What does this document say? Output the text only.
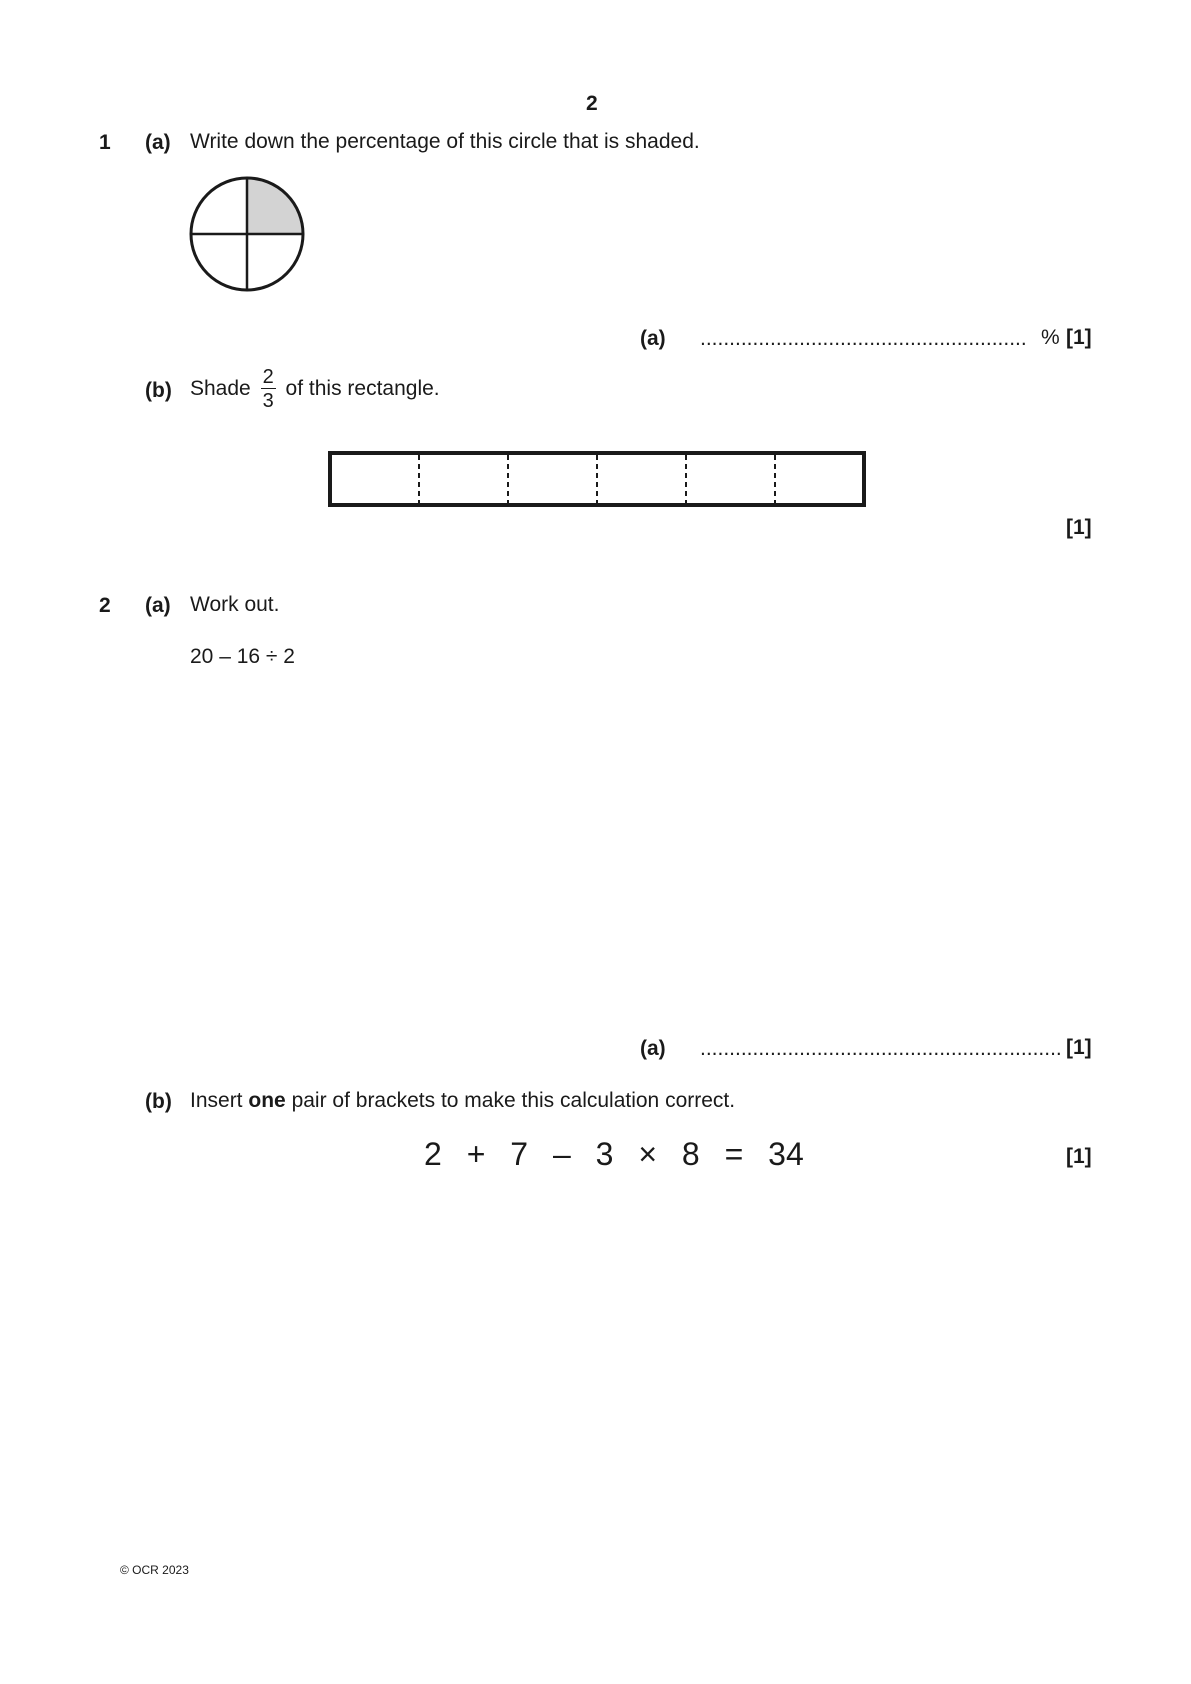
2
1 (a) Write down the percentage of this circle that is shaded.
(a) ........................................................ % [1]
(b) Shade $\frac{2}{3}$ of this rectangle.
[1]
2 (a) Work out.
20 – 16 ÷ 2
(a) .............................................................. [1]
(b) Insert one pair of brackets to make this calculation correct.
2 + 7 – 3 × 8 = 34	[1]
© OCR 2023
